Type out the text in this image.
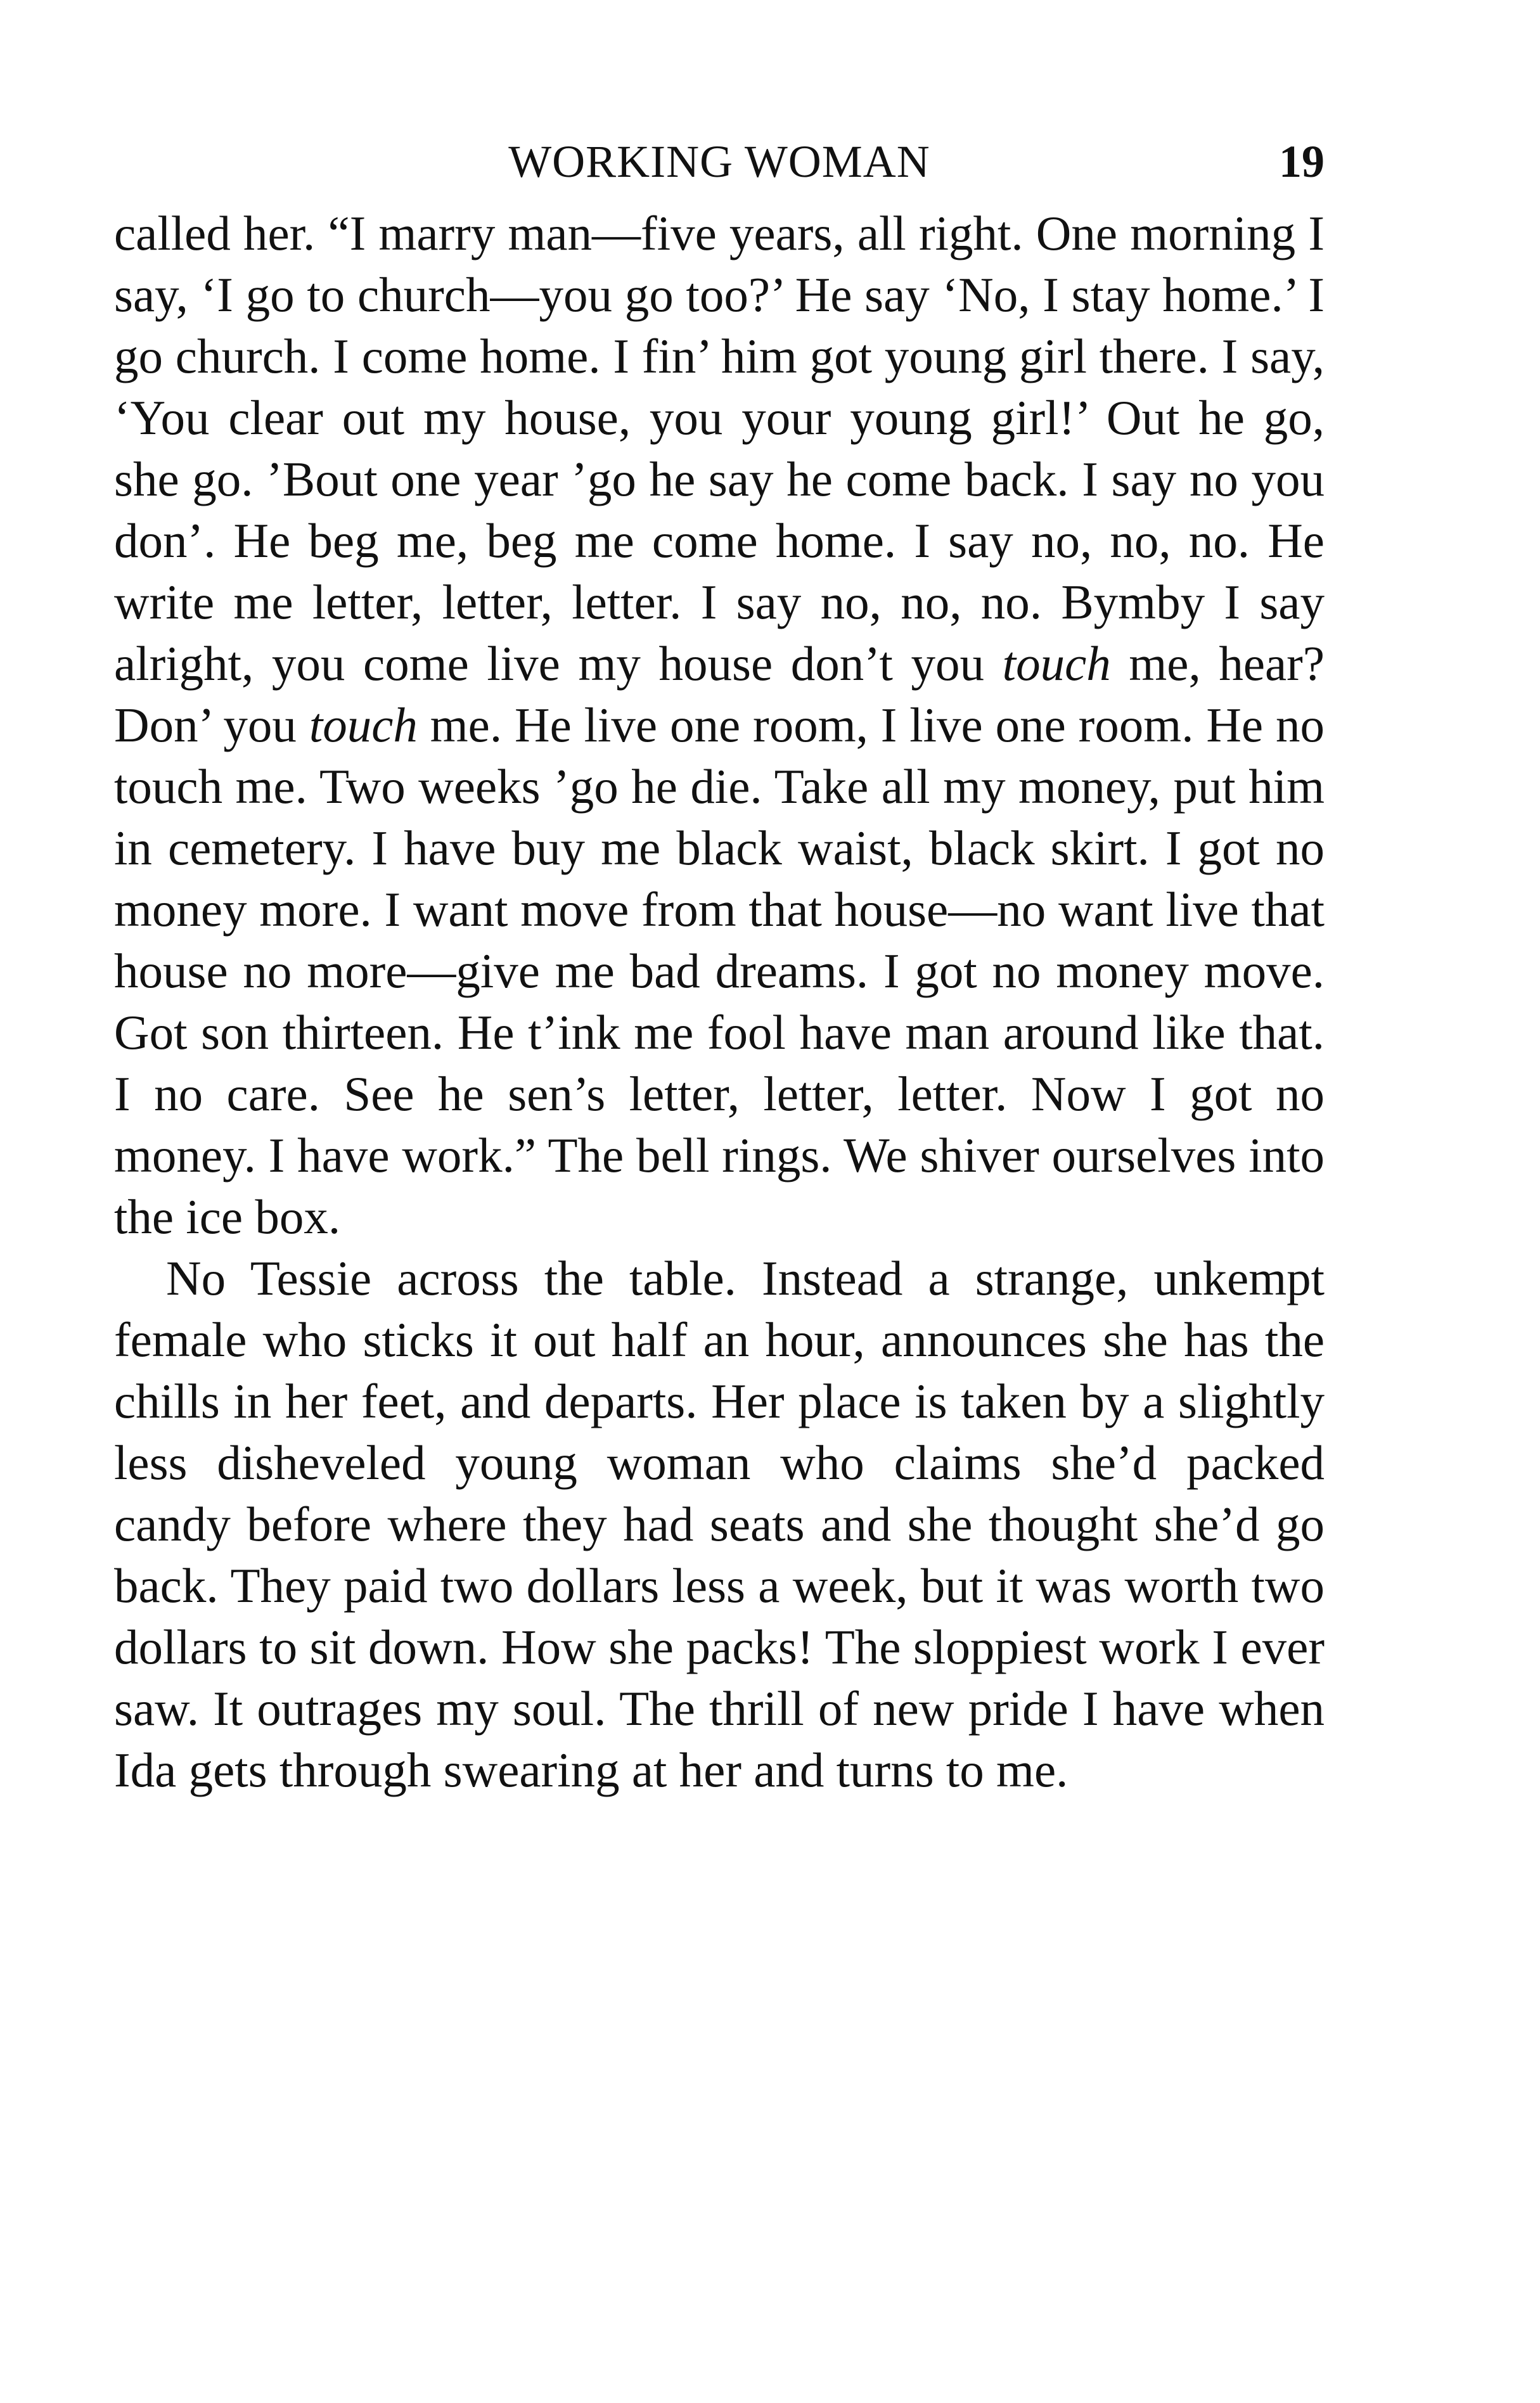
WORKING WOMAN	19

called her. “I marry man—five years, all right. One morning I say, ‘I go to church—you go too?’ He say ‘No, I stay home.’ I go church. I come home. I fin’ him got young girl there. I say, ‘You clear out my house, you your young girl!’ Out he go, she go. ’Bout one year ’go he say he come back. I say no you don’. He beg me, beg me come home. I say no, no, no. He write me letter, letter, letter. I say no, no, no. Bymby I say alright, you come live my house don’t you touch me, hear? Don’ you touch me. He live one room, I live one room. He no touch me. Two weeks ’go he die. Take all my money, put him in cemetery. I have buy me black waist, black skirt. I got no money more. I want move from that house—no want live that house no more—give me bad dreams. I got no money move. Got son thirteen. He t’ink me fool have man around like that. I no care. See he sen’s letter, letter, letter. Now I got no money. I have work.” The bell rings. We shiver ourselves into the ice box.

No Tessie across the table. Instead a strange, unkempt female who sticks it out half an hour, announces she has the chills in her feet, and departs. Her place is taken by a slightly less disheveled young woman who claims she’d packed candy before where they had seats and she thought she’d go back. They paid two dollars less a week, but it was worth two dollars to sit down. How she packs! The sloppiest work I ever saw. It outrages my soul. The thrill of new pride I have when Ida gets through swearing at her and turns to me.
